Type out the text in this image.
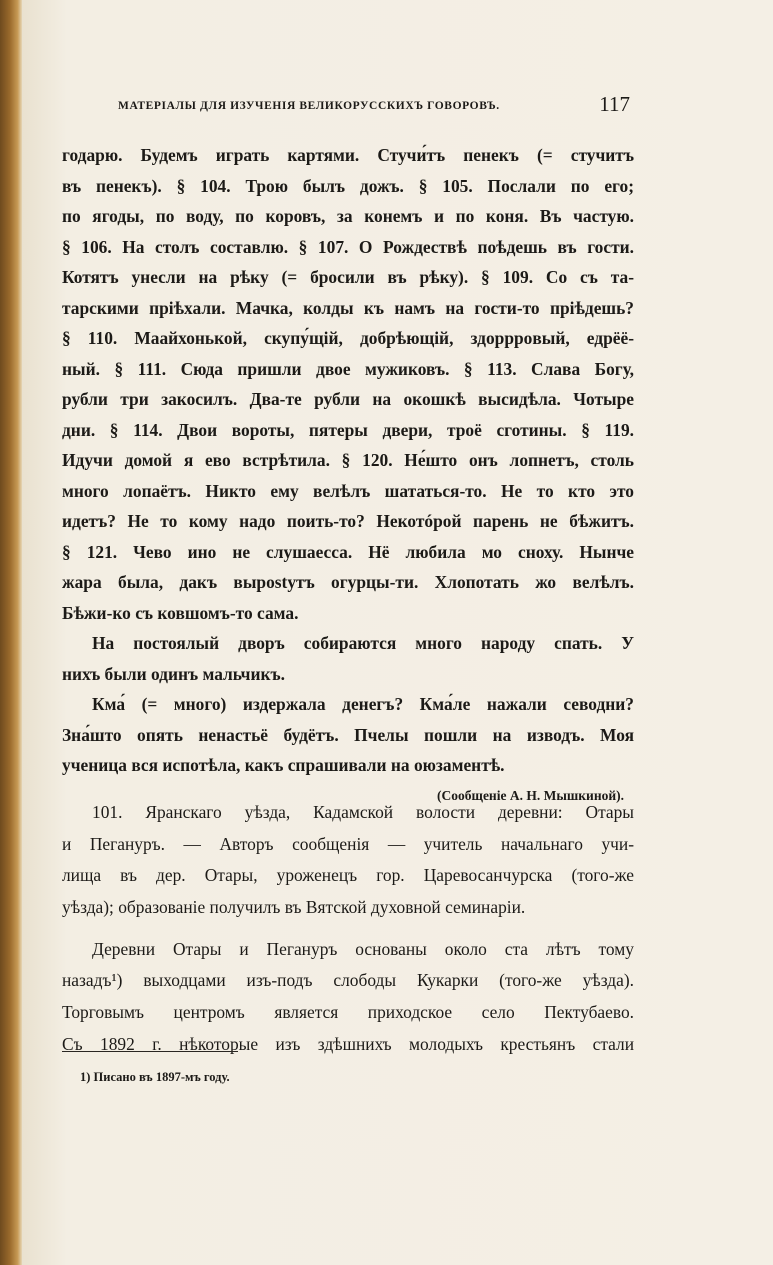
МАТЕРІАЛЫ ДЛЯ ИЗУЧЕНІЯ ВЕЛИКОРУССКИХЪ ГОВОРОВЪ.	117
годарю. Будемъ играть картями. Стучи́тъ пенекъ (= стучитъ
въ пенекъ). § 104. Трою былъ дожъ. § 105. Послали по его;
по ягоды, по воду, по коровъ, за конемъ и по коня. Въ частую.
§ 106. На столъ составлю. § 107. О Рождествѣ поѣдешь въ гости.
Котятъ унесли на рѣку (= бросили въ рѣку). § 109. Со съ та-
тарскими пріѣхали. Мачка, колды къ намъ на гости-то пріѣдешь?
§ 110. Маайхонькой, скупу́щій, добрѣющій, здорррoвый, едрёё-
ный. § 111. Сюда пришли двое мужиковъ. § 113. Слава Богу,
рубли три закосилъ. Два-те рубли на окошкѣ высидѣла. Чотыре
дни. § 114. Двои вороты, пятеры двери, троё сготины. § 119.
Идучи домой я ево встрѣтила. § 120. Не́што онъ лопнетъ, столь
много лопаётъ. Никто ему велѣлъ шататься-то. Не то кто это
идетъ? Не то кому надо поить-то? Некотóрой парень не бѣжитъ.
§ 121. Чево ино не слушаесса. Нё любила мо сноху. Нынче
жара была, дакъ вырostутъ огурцы-ти. Хлопотать жо велѣлъ.
Бѣжи-ко съ ковшомъ-то сама.
На постоялый дворъ собираются много народу спать. У
нихъ были одинъ мальчикъ.
Кма́ (= много) издержала денегъ? Кма́ле нажали севодни?
Зна́што опять ненастьё будётъ. Пчелы пошли на изводъ. Моя
ученица вся испотѣла, какъ спрашивали на оюзаментѣ.
(Сообщеніе А. Н. Мышкиной).
101. Яранскаго уѣзда, Кадамской волости деревни: Отары
и Пегануръ. — Авторъ сообщенія — учитель начальнаго учи-
лища въ дер. Отары, уроженецъ гор. Царевосанчурска (того-же
уѣзда); образованіе получилъ въ Вятской духовной семинаріи.
Деревни Отары и Пегануръ основаны около ста лѣтъ тому
назадъ¹) выходцами изъ-подъ слободы Кукарки (того-же уѣзда).
Торговымъ центромъ является приходское село Пектубаево.
Съ 1892 г. нѣкоторые изъ здѣшнихъ молодыхъ крестьянъ стали
1) Писано въ 1897-мъ году.
